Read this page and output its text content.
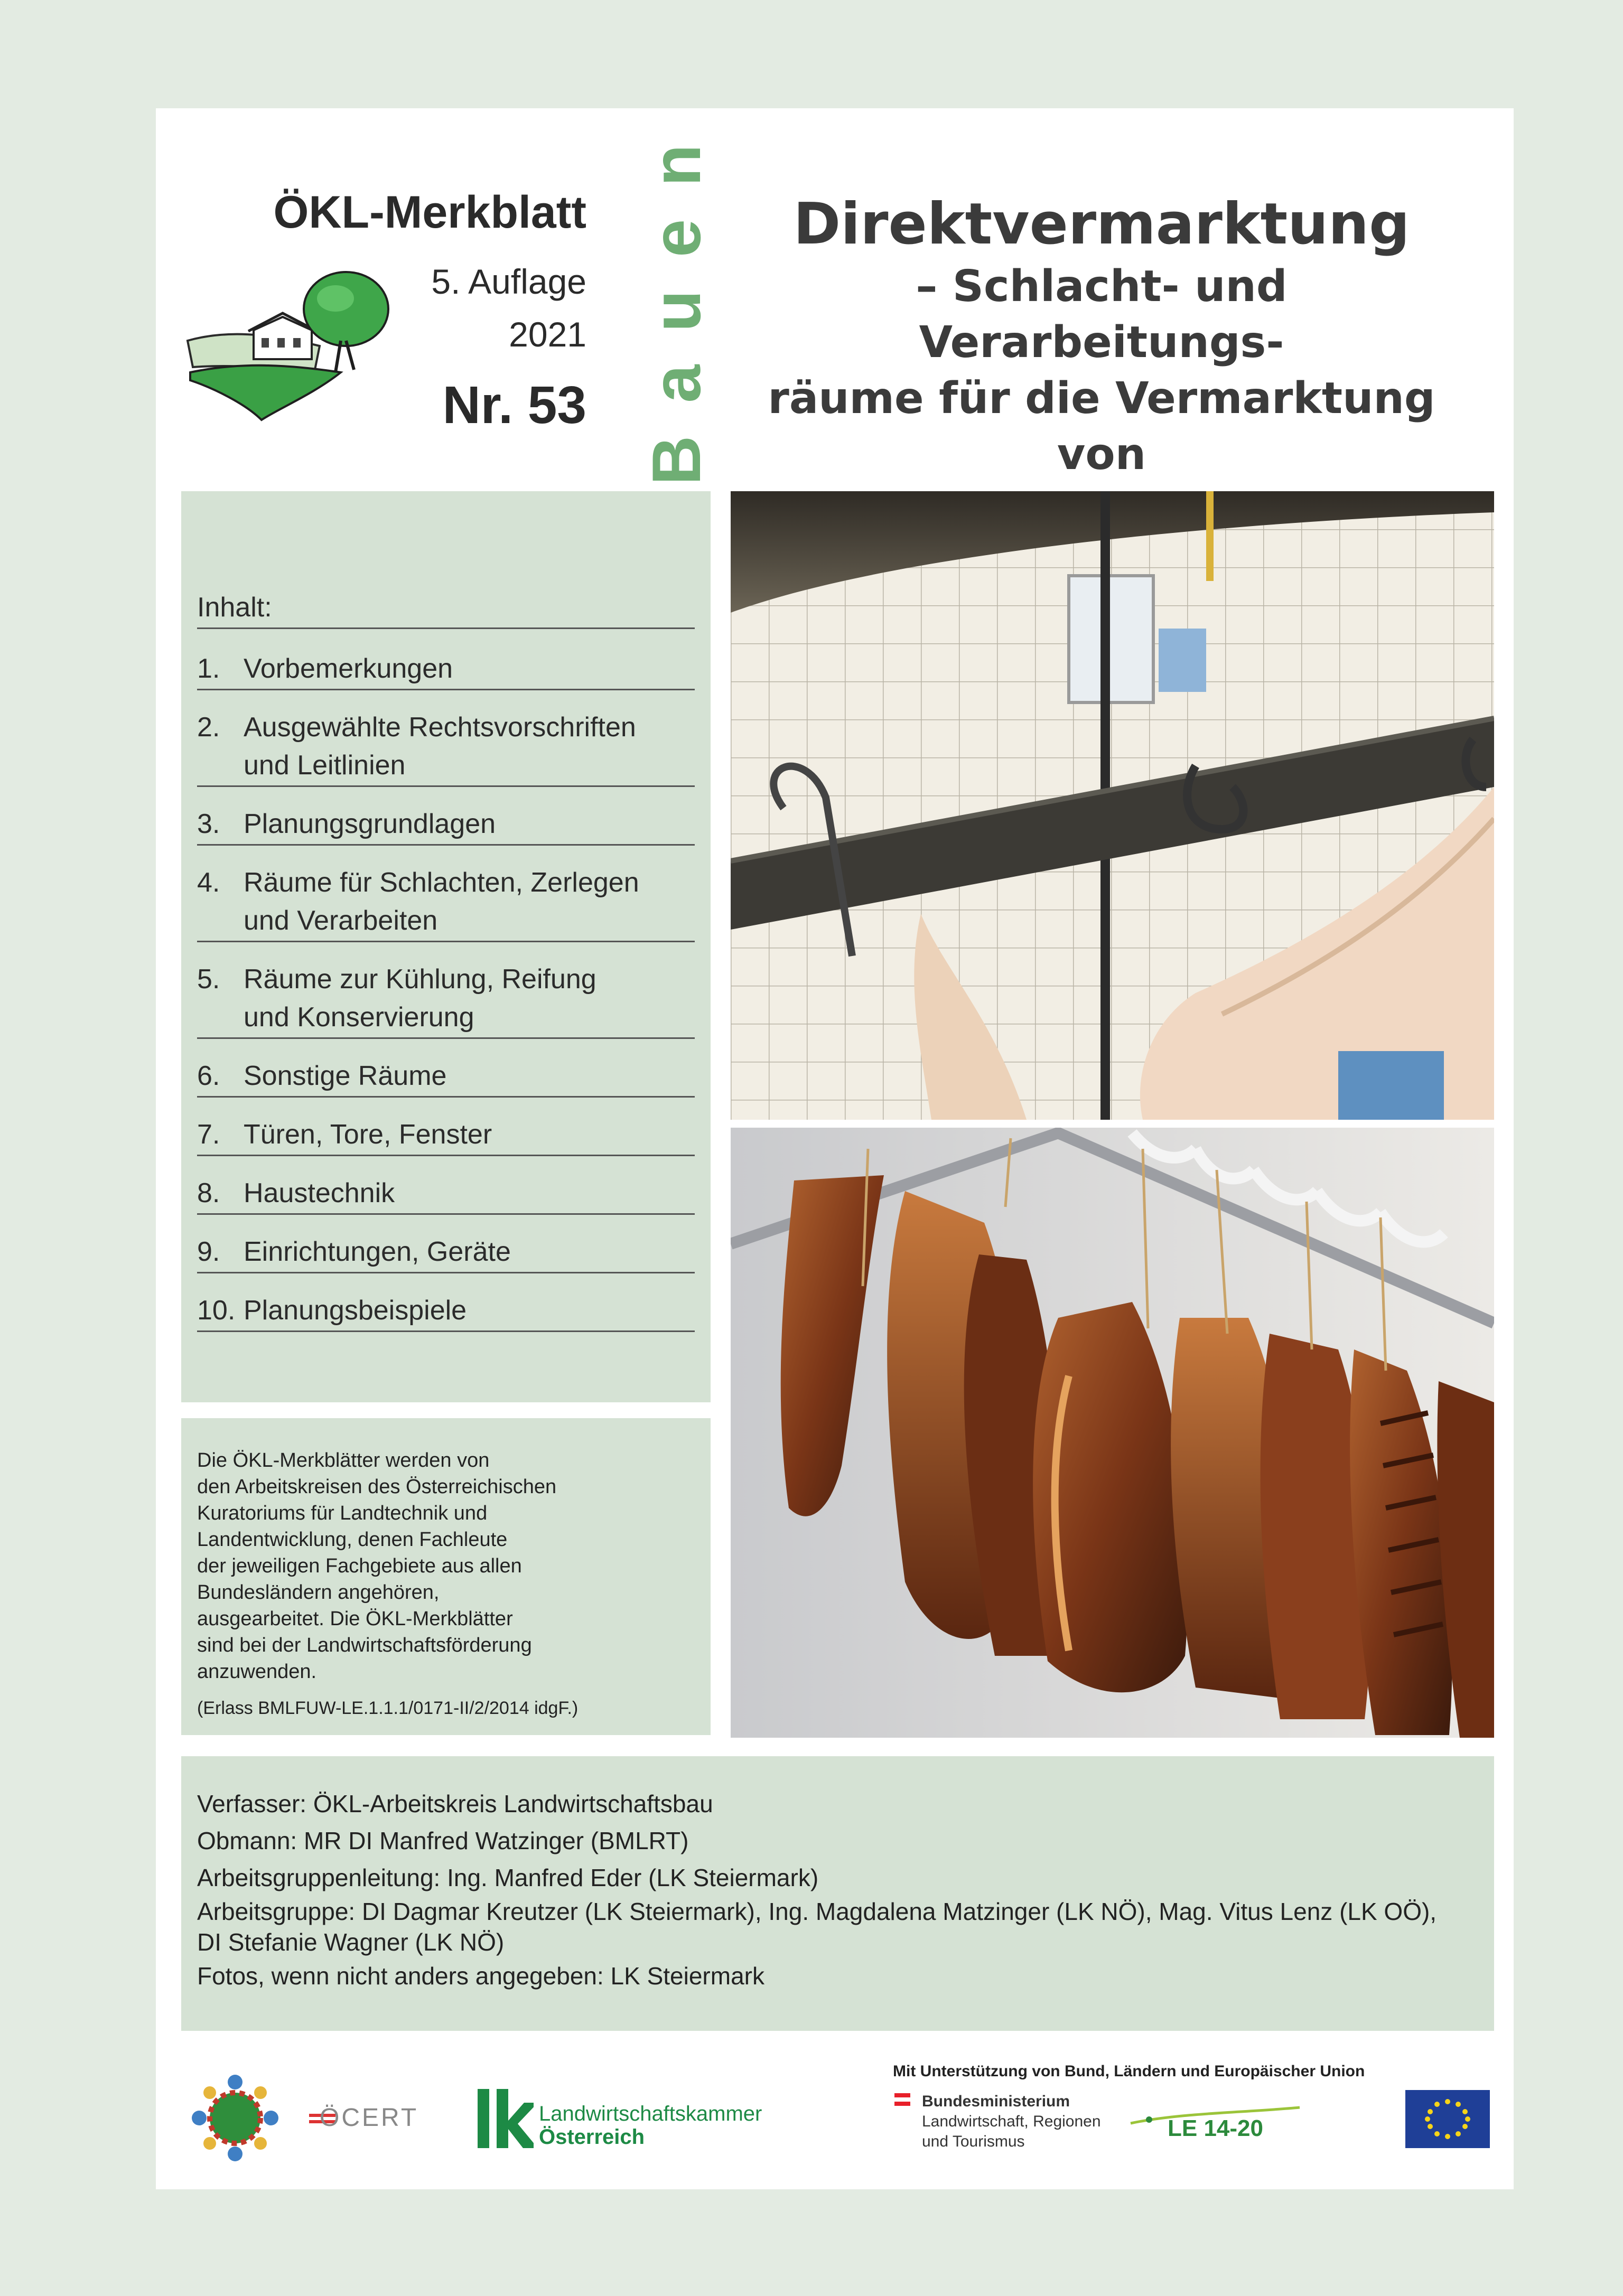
ÖKL-Merkblatt
5. Auflage
2021
Nr. 53 Bauen	Direktvermarktung
– Schlacht- und Verarbeitungs-
räume für die Vermarktung von
Inhalt:
1. Vorbemerkungen
2. Ausgewählte Rechtsvorschriften
und Leitlinien
3. Planungsgrundlagen
4. Räume für Schlachten, Zerlegen
und Verarbeiten
5. Räume zur Kühlung, Reifung
und Konservierung
6. Sonstige Räume
7. Türen, Tore, Fenster
8. Haustechnik
9. Einrichtungen, Geräte
10. Planungsbeispiele
Die ÖKL-Merkblätter werden von
den Arbeitskreisen des Österreichischen
Kuratoriums für Landtechnik und
Landentwicklung, denen Fachleute
der jeweiligen Fachgebiete aus allen
Bundesländern angehören,
ausgearbeitet. Die ÖKL-Merkblätter
sind bei der Landwirtschaftsförderung
anzuwenden.
(Erlass BMLFUW-LE.1.1.1/0171-II/2/2014 idgF.)
Verfasser: ÖKL-Arbeitskreis Landwirtschaftsbau
Obmann: MR DI Manfred Watzinger (BMLRT)
Arbeitsgruppenleitung: Ing. Manfred Eder (LK Steiermark)
Arbeitsgruppe: DI Dagmar Kreutzer (LK Steiermark), Ing. Magdalena Matzinger (LK NÖ), Mag. Vitus Lenz (LK OÖ),
DI Stefanie Wagner (LK NÖ)
Fotos, wenn nicht anders angegeben: LK Steiermark
ÖCERT	Landwirtschaftskammer
Österreich
Mit Unterstützung von Bund, Ländern und Europäischer Union
Bundesministerium
Landwirtschaft, Regionen
und Tourismus
LE 14-20
